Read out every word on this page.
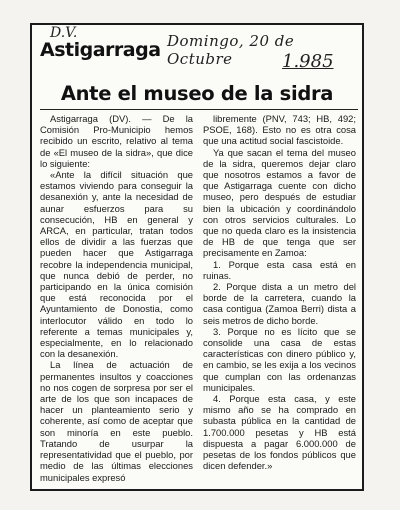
D.V.	Domingo, 20 de Octubre	1.985
Astigarraga
Ante el museo de la sidra

Astigarraga (DV). — De la Comisión Pro-Municipio hemos recibido un escrito, relativo al tema de «El museo de la sidra», que dice lo siguiente:

«Ante la difícil situación que estamos viviendo para conseguir la desanexión y, ante la necesidad de aunar esfuerzos para su consecución, HB en general y ARCA, en particular, tratan todos ellos de dividir a las fuerzas que pueden hacer que Astigarraga recobre la independencia municipal, que nunca debió de perder, no participando en la única comisión que está reconocida por el Ayuntamiento de Donostia, como interlocutor válido en todo lo referente a temas municipales y, especialmente, en lo relacionado con la desanexión.

La línea de actuación de permanentes insultos y coacciones no nos cogen de sorpresa por ser el arte de los que son incapaces de hacer un planteamiento serio y coherente, así como de aceptar que son minoría en este pueblo. Tratando de usurpar la representatividad que el pueblo, por medio de las últimas elecciones municipales expresó

libremente (PNV, 743; HB, 492; PSOE, 168). Esto no es otra cosa que una actitud social fascistoide.

Ya que sacan el tema del museo de la sidra, queremos dejar claro que nosotros estamos a favor de que Astigarraga cuente con dicho museo, pero después de estudiar bien la ubicación y coordinándolo con otros servicios culturales. Lo que no queda claro es la insistencia de HB de que tenga que ser precisamente en Zamoa:

1. Porque esta casa está en ruinas.

2. Porque dista a un metro del borde de la carretera, cuando la casa contigua (Zamoa Berri) dista a seis metros de dicho borde.

3. Porque no es lícito que se consolide una casa de estas características con dinero público y, en cambio, se les exija a los vecinos que cumplan con las ordenanzas municipales.

4. Porque esta casa, y este mismo año se ha comprado en subasta pública en la cantidad de 1.700.000 pesetas y HB está dispuesta a pagar 6.000.000 de pesetas de los fondos públicos que dicen defender.»
